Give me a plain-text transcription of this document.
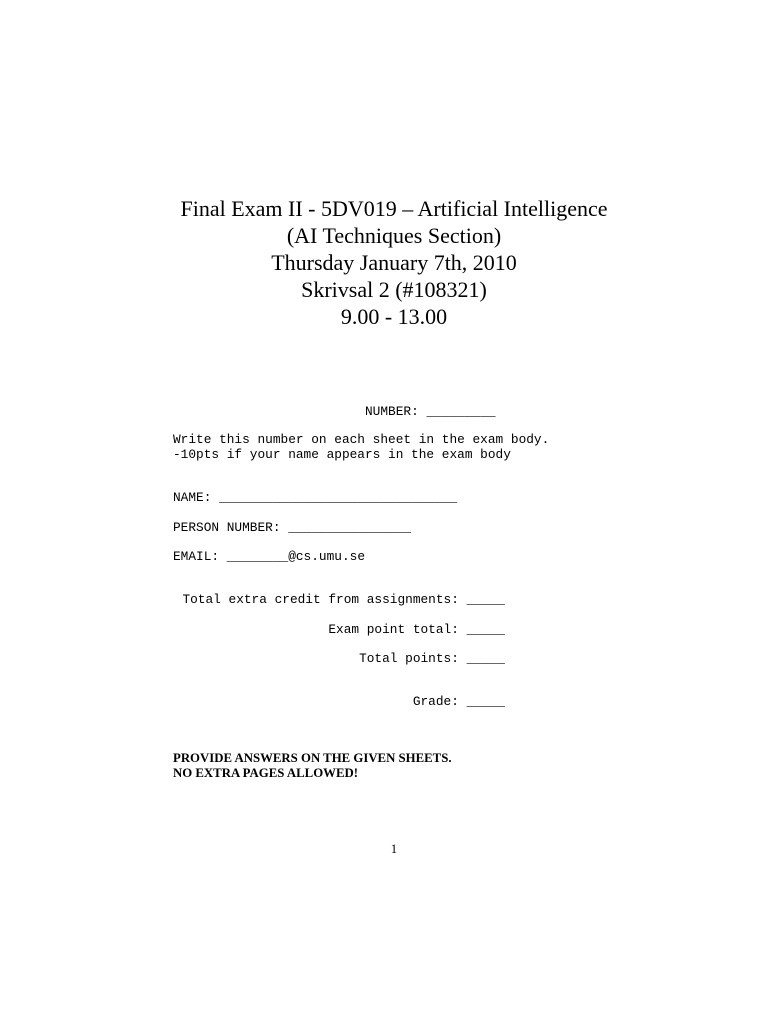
Final Exam II - 5DV019 – Artificial Intelligence
(AI Techniques Section)
Thursday January 7th, 2010
Skrivsal 2 (#108321)
9.00 - 13.00
NUMBER: _________
Write this number on each sheet in the exam body.
-10pts if your name appears in the exam body
NAME: _______________________________
PERSON NUMBER: ________________
EMAIL: ________@cs.umu.se
Total extra credit from assignments: _____
Exam point total: _____
Total points: _____
Grade: _____
PROVIDE ANSWERS ON THE GIVEN SHEETS.
NO EXTRA PAGES ALLOWED!
1
